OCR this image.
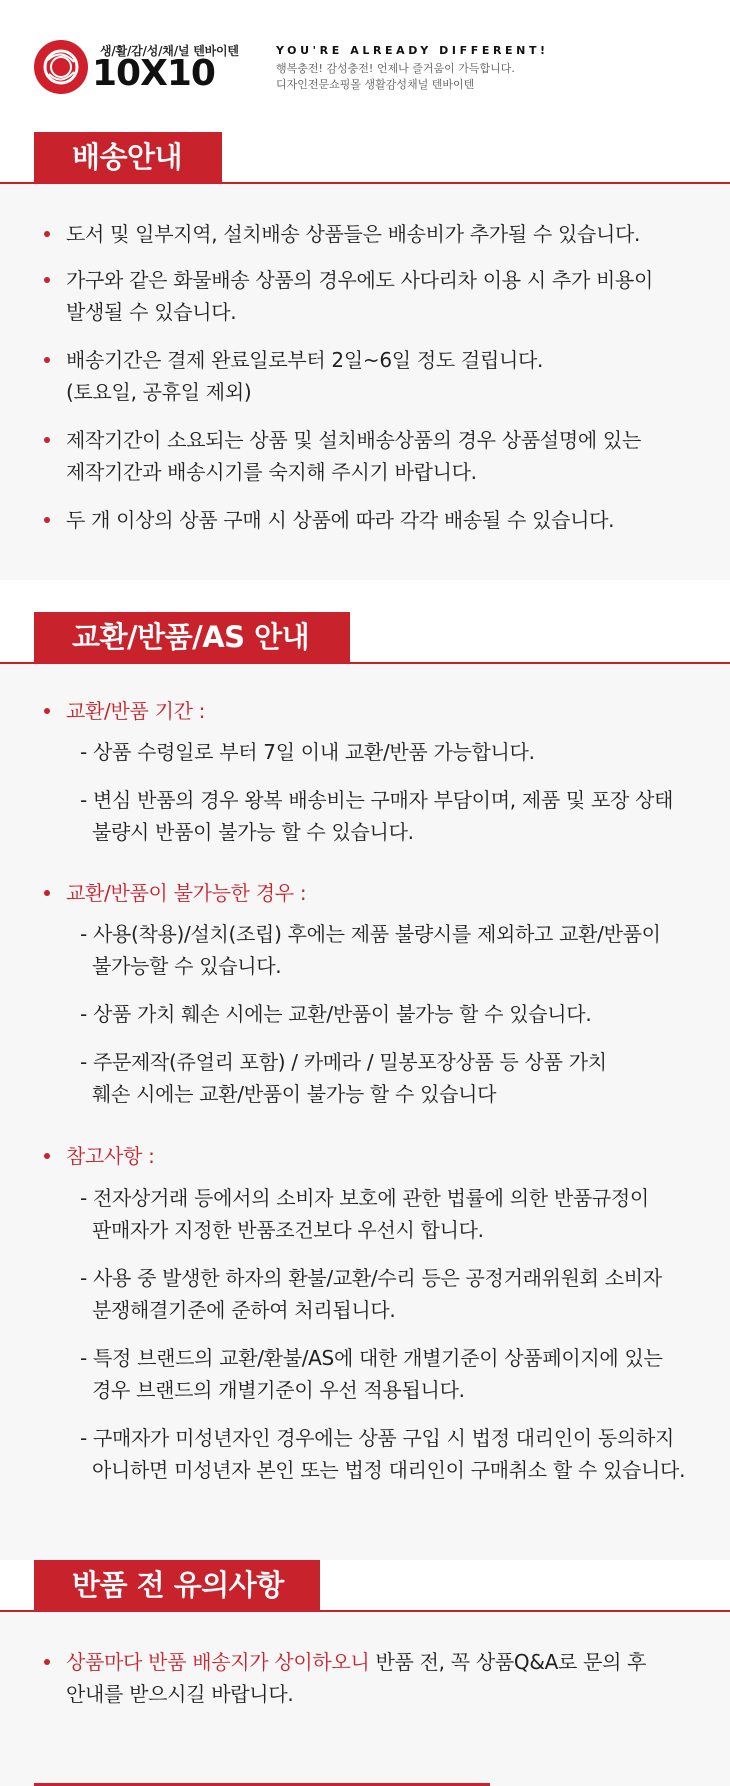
생/활/감/성/채/널 텐바이텐
10X10
YOU'RE ALREADY DIFFERENT!
행복충전! 감성충전! 언제나 즐거움이 가득합니다.
디자인전문쇼핑몰 생활감성채널 텐바이텐
배송안내
도서 및 일부지역, 설치배송 상품들은 배송비가 추가될 수 있습니다.
가구와 같은 화물배송 상품의 경우에도 사다리차 이용 시 추가 비용이
발생될 수 있습니다.
배송기간은 결제 완료일로부터 2일~6일 정도 걸립니다.
(토요일, 공휴일 제외)
제작기간이 소요되는 상품 및 설치배송상품의 경우 상품설명에 있는
제작기간과 배송시기를 숙지해 주시기 바랍니다.
두 개 이상의 상품 구매 시 상품에 따라 각각 배송될 수 있습니다.
교환/반품/AS 안내
교환/반품 기간 :
- 상품 수령일로 부터 7일 이내 교환/반품 가능합니다.
- 변심 반품의 경우 왕복 배송비는 구매자 부담이며, 제품 및 포장 상태
불량시 반품이 불가능 할 수 있습니다.
교환/반품이 불가능한 경우 :
- 사용(착용)/설치(조립) 후에는 제품 불량시를 제외하고 교환/반품이
불가능할 수 있습니다.
- 상품 가치 훼손 시에는 교환/반품이 불가능 할 수 있습니다.
- 주문제작(쥬얼리 포함) / 카메라 / 밀봉포장상품 등 상품 가치
훼손 시에는 교환/반품이 불가능 할 수 있습니다
참고사항 :
- 전자상거래 등에서의 소비자 보호에 관한 법률에 의한 반품규정이
판매자가 지정한 반품조건보다 우선시 합니다.
- 사용 중 발생한 하자의 환불/교환/수리 등은 공정거래위원회 소비자
분쟁해결기준에 준하여 처리됩니다.
- 특정 브랜드의 교환/환불/AS에 대한 개별기준이 상품페이지에 있는
경우 브랜드의 개별기준이 우선 적용됩니다.
- 구매자가 미성년자인 경우에는 상품 구입 시 법정 대리인이 동의하지
아니하면 미성년자 본인 또는 법정 대리인이 구매취소 할 수 있습니다.
반품 전 유의사항
상품마다 반품 배송지가 상이하오니 반품 전, 꼭 상품Q&A로 문의 후
안내를 받으시길 바랍니다.
